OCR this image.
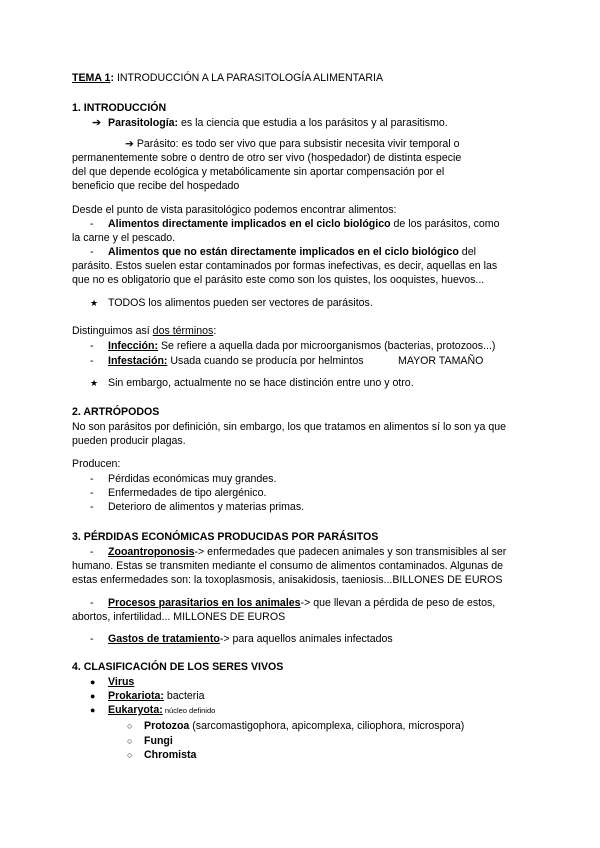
TEMA 1: INTRODUCCIÓN A LA PARASITOLOGÍA ALIMENTARIA
1. INTRODUCCIÓN
➔ Parasitología: es la ciencia que estudia a los parásitos y al parasitismo.
➔ Parásito: es todo ser vivo que para subsistir necesita vivir temporal o
permanentemente sobre o dentro de otro ser vivo (hospedador) de distinta especie
del que depende ecológica y metabólicamente sin aportar compensación por el
beneficio que recibe del hospedado
Desde el punto de vista parasitológico podemos encontrar alimentos:
- Alimentos directamente implicados en el ciclo biológico de los parásitos, como
la carne y el pescado.
- Alimentos que no están directamente implicados en el ciclo biológico del
parásito. Estos suelen estar contaminados por formas inefectivas, es decir, aquellas en las
que no es obligatorio que el parásito este como son los quistes, los ooquistes, huevos...
★ TODOS los alimentos pueden ser vectores de parásitos.
Distinguimos así dos términos:
- Infección: Se refiere a aquella dada por microorganismos (bacterias, protozoos...)
- Infestación: Usada cuando se producía por helmintos	MAYOR TAMAÑO
★ Sin embargo, actualmente no se hace distinción entre uno y otro.
2. ARTRÓPODOS
No son parásitos por definición, sin embargo, los que tratamos en alimentos sí lo son ya que
pueden producir plagas.
Producen:
- Pérdidas económicas muy grandes.
- Enfermedades de tipo alergénico.
- Deterioro de alimentos y materias primas.
3. PÉRDIDAS ECONÓMICAS PRODUCIDAS POR PARÁSITOS
- Zooantroponosis-> enfermedades que padecen animales y son transmisibles al ser
humano. Estas se transmiten mediante el consumo de alimentos contaminados. Algunas de
estas enfermedades son: la toxoplasmosis, anisakidosis, taeniosis...BILLONES DE EUROS
- Procesos parasitarios en los animales-> que llevan a pérdida de peso de estos,
abortos, infertilidad... MILLONES DE EUROS
- Gastos de tratamiento-> para aquellos animales infectados
4. CLASIFICACIÓN DE LOS SERES VIVOS
● Virus
● Prokariota: bacteria
● Eukaryota: núcleo definido
○ Protozoa (sarcomastigophora, apicomplexa, ciliophora, microspora)
○ Fungi
○ Chromista
